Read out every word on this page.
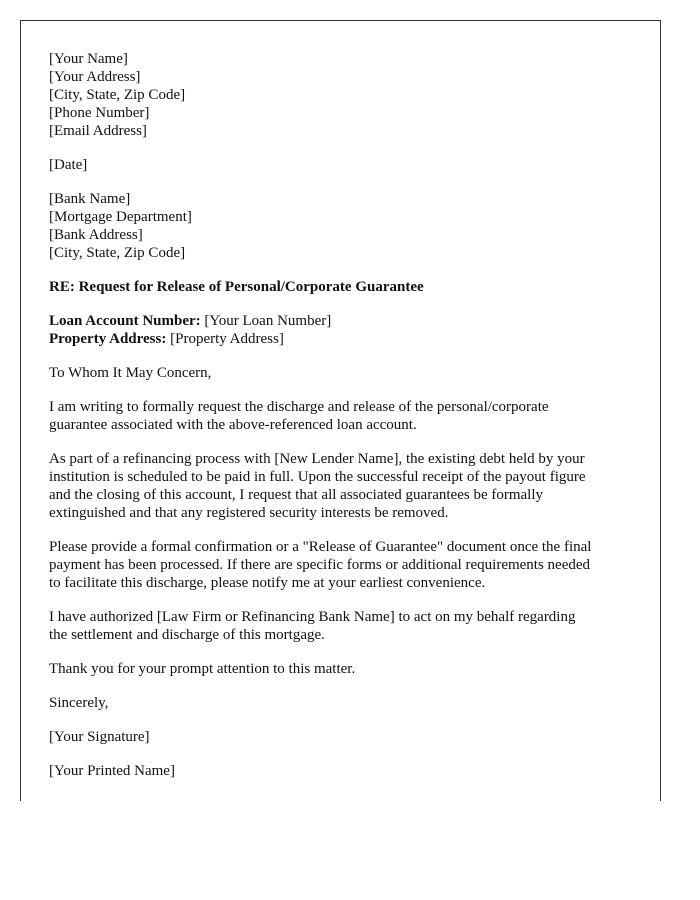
[Your Name]
[Your Address]
[City, State, Zip Code]
[Phone Number]
[Email Address]

[Date]

[Bank Name]
[Mortgage Department]
[Bank Address]
[City, State, Zip Code]

RE: Request for Release of Personal/Corporate Guarantee

Loan Account Number: [Your Loan Number]
Property Address: [Property Address]

To Whom It May Concern,

I am writing to formally request the discharge and release of the personal/corporate
guarantee associated with the above-referenced loan account.

As part of a refinancing process with [New Lender Name], the existing debt held by your
institution is scheduled to be paid in full. Upon the successful receipt of the payout figure
and the closing of this account, I request that all associated guarantees be formally
extinguished and that any registered security interests be removed.

Please provide a formal confirmation or a "Release of Guarantee" document once the final
payment has been processed. If there are specific forms or additional requirements needed
to facilitate this discharge, please notify me at your earliest convenience.

I have authorized [Law Firm or Refinancing Bank Name] to act on my behalf regarding
the settlement and discharge of this mortgage.

Thank you for your prompt attention to this matter.

Sincerely,

[Your Signature]

[Your Printed Name]
